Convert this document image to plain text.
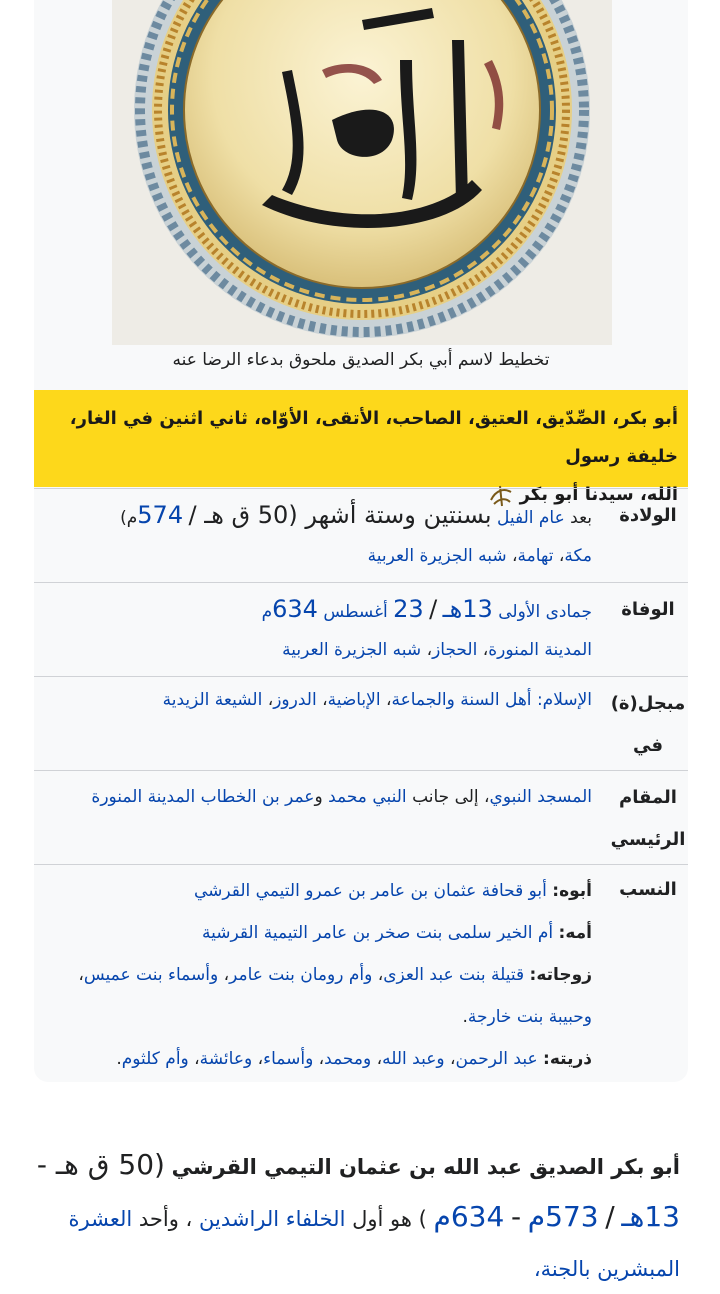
تخطيط لاسم أبي بكر الصديق ملحوق بدعاء الرضا عنه
أبو بكر، الصِّدّيق، العتيق، الصاحب، الأتقى، الأوّاه، ثاني اثنين في الغار، خليفة رسول
الله، سيدنا أبو بكر
الولادة
بعد عام الفيل بسنتين وستة أشهر (50 ق هـ / 574م)
مكة، تهامة، شبه الجزيرة العربية
الوفاة
جمادى الأولى 13هـ / 23 أغسطس 634م
المدينة المنورة، الحجاز، شبه الجزيرة العربية
مبجل(ة)
في
الإسلام: أهل السنة والجماعة، الإباضية، الدروز، الشيعة الزيدية
المقام
الرئيسي
المسجد النبوي، إلى جانب النبي محمد وعمر بن الخطاب المدينة المنورة
النسب
أبوه: أبو قحافة عثمان بن عامر بن عمرو التيمي القرشي
أمه: أم الخير سلمى بنت صخر بن عامر التيمية القرشية
زوجاته: قتيلة بنت عبد العزى، وأم رومان بنت عامر، وأسماء بنت عميس، وحبيبة بنت خارجة.
ذريته: عبد الرحمن، وعبد الله، ومحمد، وأسماء، وعائشة، وأم كلثوم.
أبو بكر الصديق عبد الله بن عثمان التيمي القرشي (50 ق هـ - 13هـ / 573م - 634م ) هو أول الخلفاء الراشدين ، وأحد العشرة المبشرين بالجنة،
